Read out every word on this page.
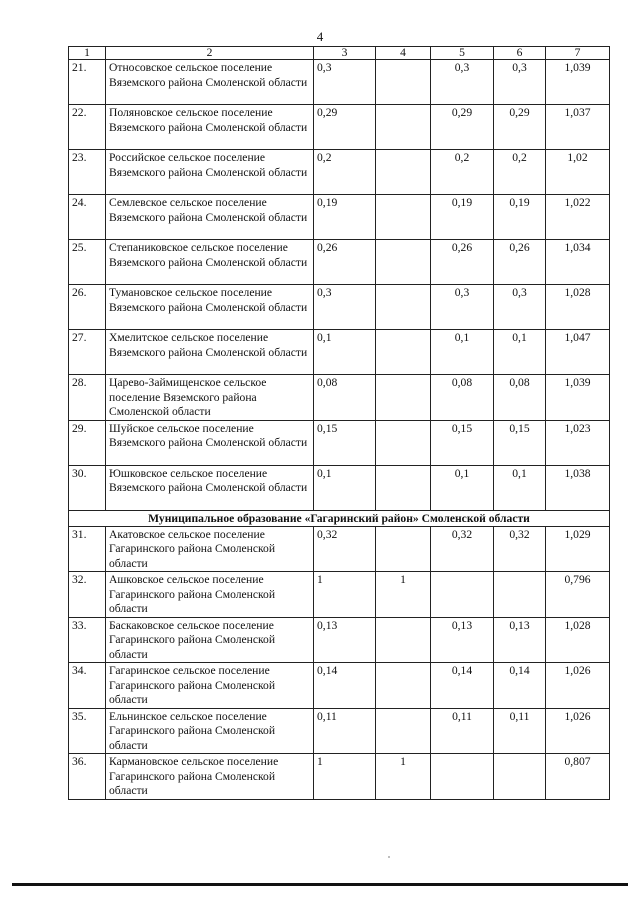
4
1	2	3	4	5	6	7
21.	Относовское сельское поселение Вяземского района Смоленской области	0,3		0,3	0,3	1,039
22.	Поляновское сельское поселение Вяземского района Смоленской области	0,29		0,29	0,29	1,037
23.	Российское сельское поселение Вяземского района Смоленской области	0,2		0,2	0,2	1,02
24.	Семлевское сельское поселение Вяземского района Смоленской области	0,19		0,19	0,19	1,022
25.	Степаниковское сельское поселение Вяземского района Смоленской области	0,26		0,26	0,26	1,034
26.	Тумановское сельское поселение Вяземского района Смоленской области	0,3		0,3	0,3	1,028
27.	Хмелитское сельское поселение Вяземского района Смоленской области	0,1		0,1	0,1	1,047
28.	Царево-Займищенское сельское поселение Вяземского района Смоленской области	0,08		0,08	0,08	1,039
29.	Шуйское сельское поселение Вяземского района Смоленской области	0,15		0,15	0,15	1,023
30.	Юшковское сельское поселение Вяземского района Смоленской области	0,1		0,1	0,1	1,038
Муниципальное образование «Гагаринский район» Смоленской области						
31.	Акатовское сельское поселение Гагаринского района Смоленской области	0,32		0,32	0,32	1,029
32.	Ашковское сельское поселение Гагаринского района Смоленской области	1	1			0,796
33.	Баскаковское сельское поселение Гагаринского района Смоленской области	0,13		0,13	0,13	1,028
34.	Гагаринское сельское поселение Гагаринского района Смоленской области	0,14		0,14	0,14	1,026
35.	Ельнинское сельское поселение Гагаринского района Смоленской области	0,11		0,11	0,11	1,026
36.	Кармановское сельское поселение Гагаринского района Смоленской области	1	1			0,807
